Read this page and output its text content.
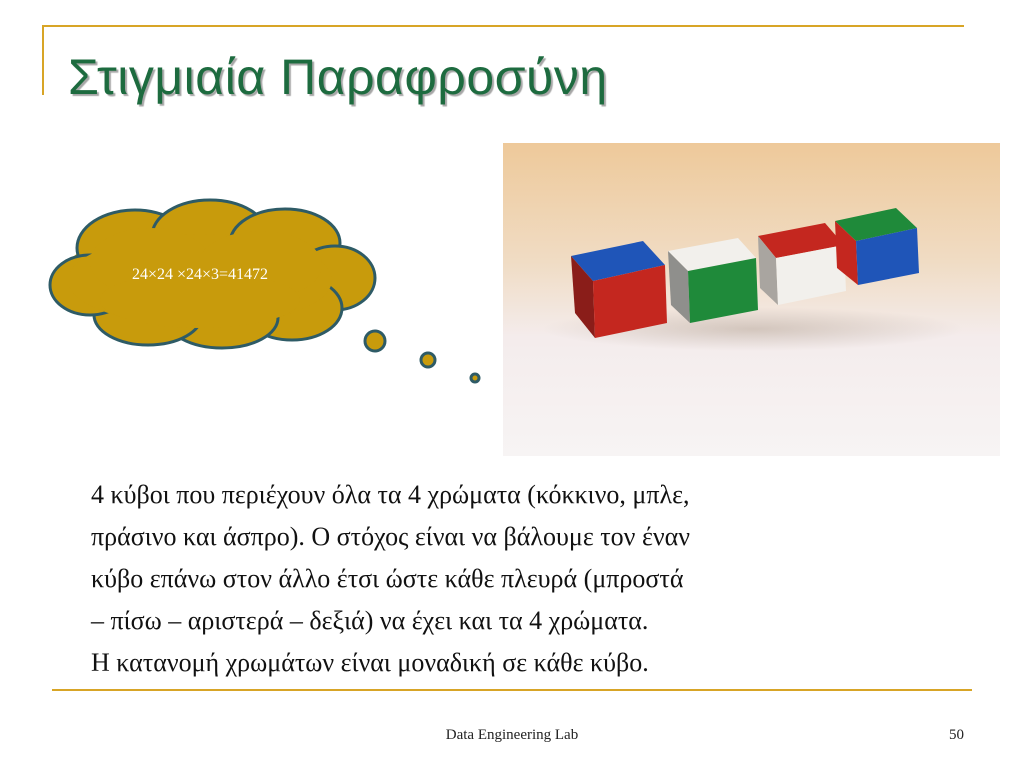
Στιγμιαία Παραφροσύνη
24×24 ×24×3=41472

4 κύβοι που περιέχουν όλα τα 4 χρώματα (κόκκινο, μπλε,

πράσινο και άσπρο). Ο στόχος είναι να βάλουμε τον έναν

κύβο επάνω στον άλλο έτσι ώστε κάθε πλευρά (μπροστά

– πίσω – αριστερά – δεξιά) να έχει και τα 4 χρώματα.

Η κατανομή χρωμάτων είναι μοναδική σε κάθε κύβο.

Data Engineering Lab	50
